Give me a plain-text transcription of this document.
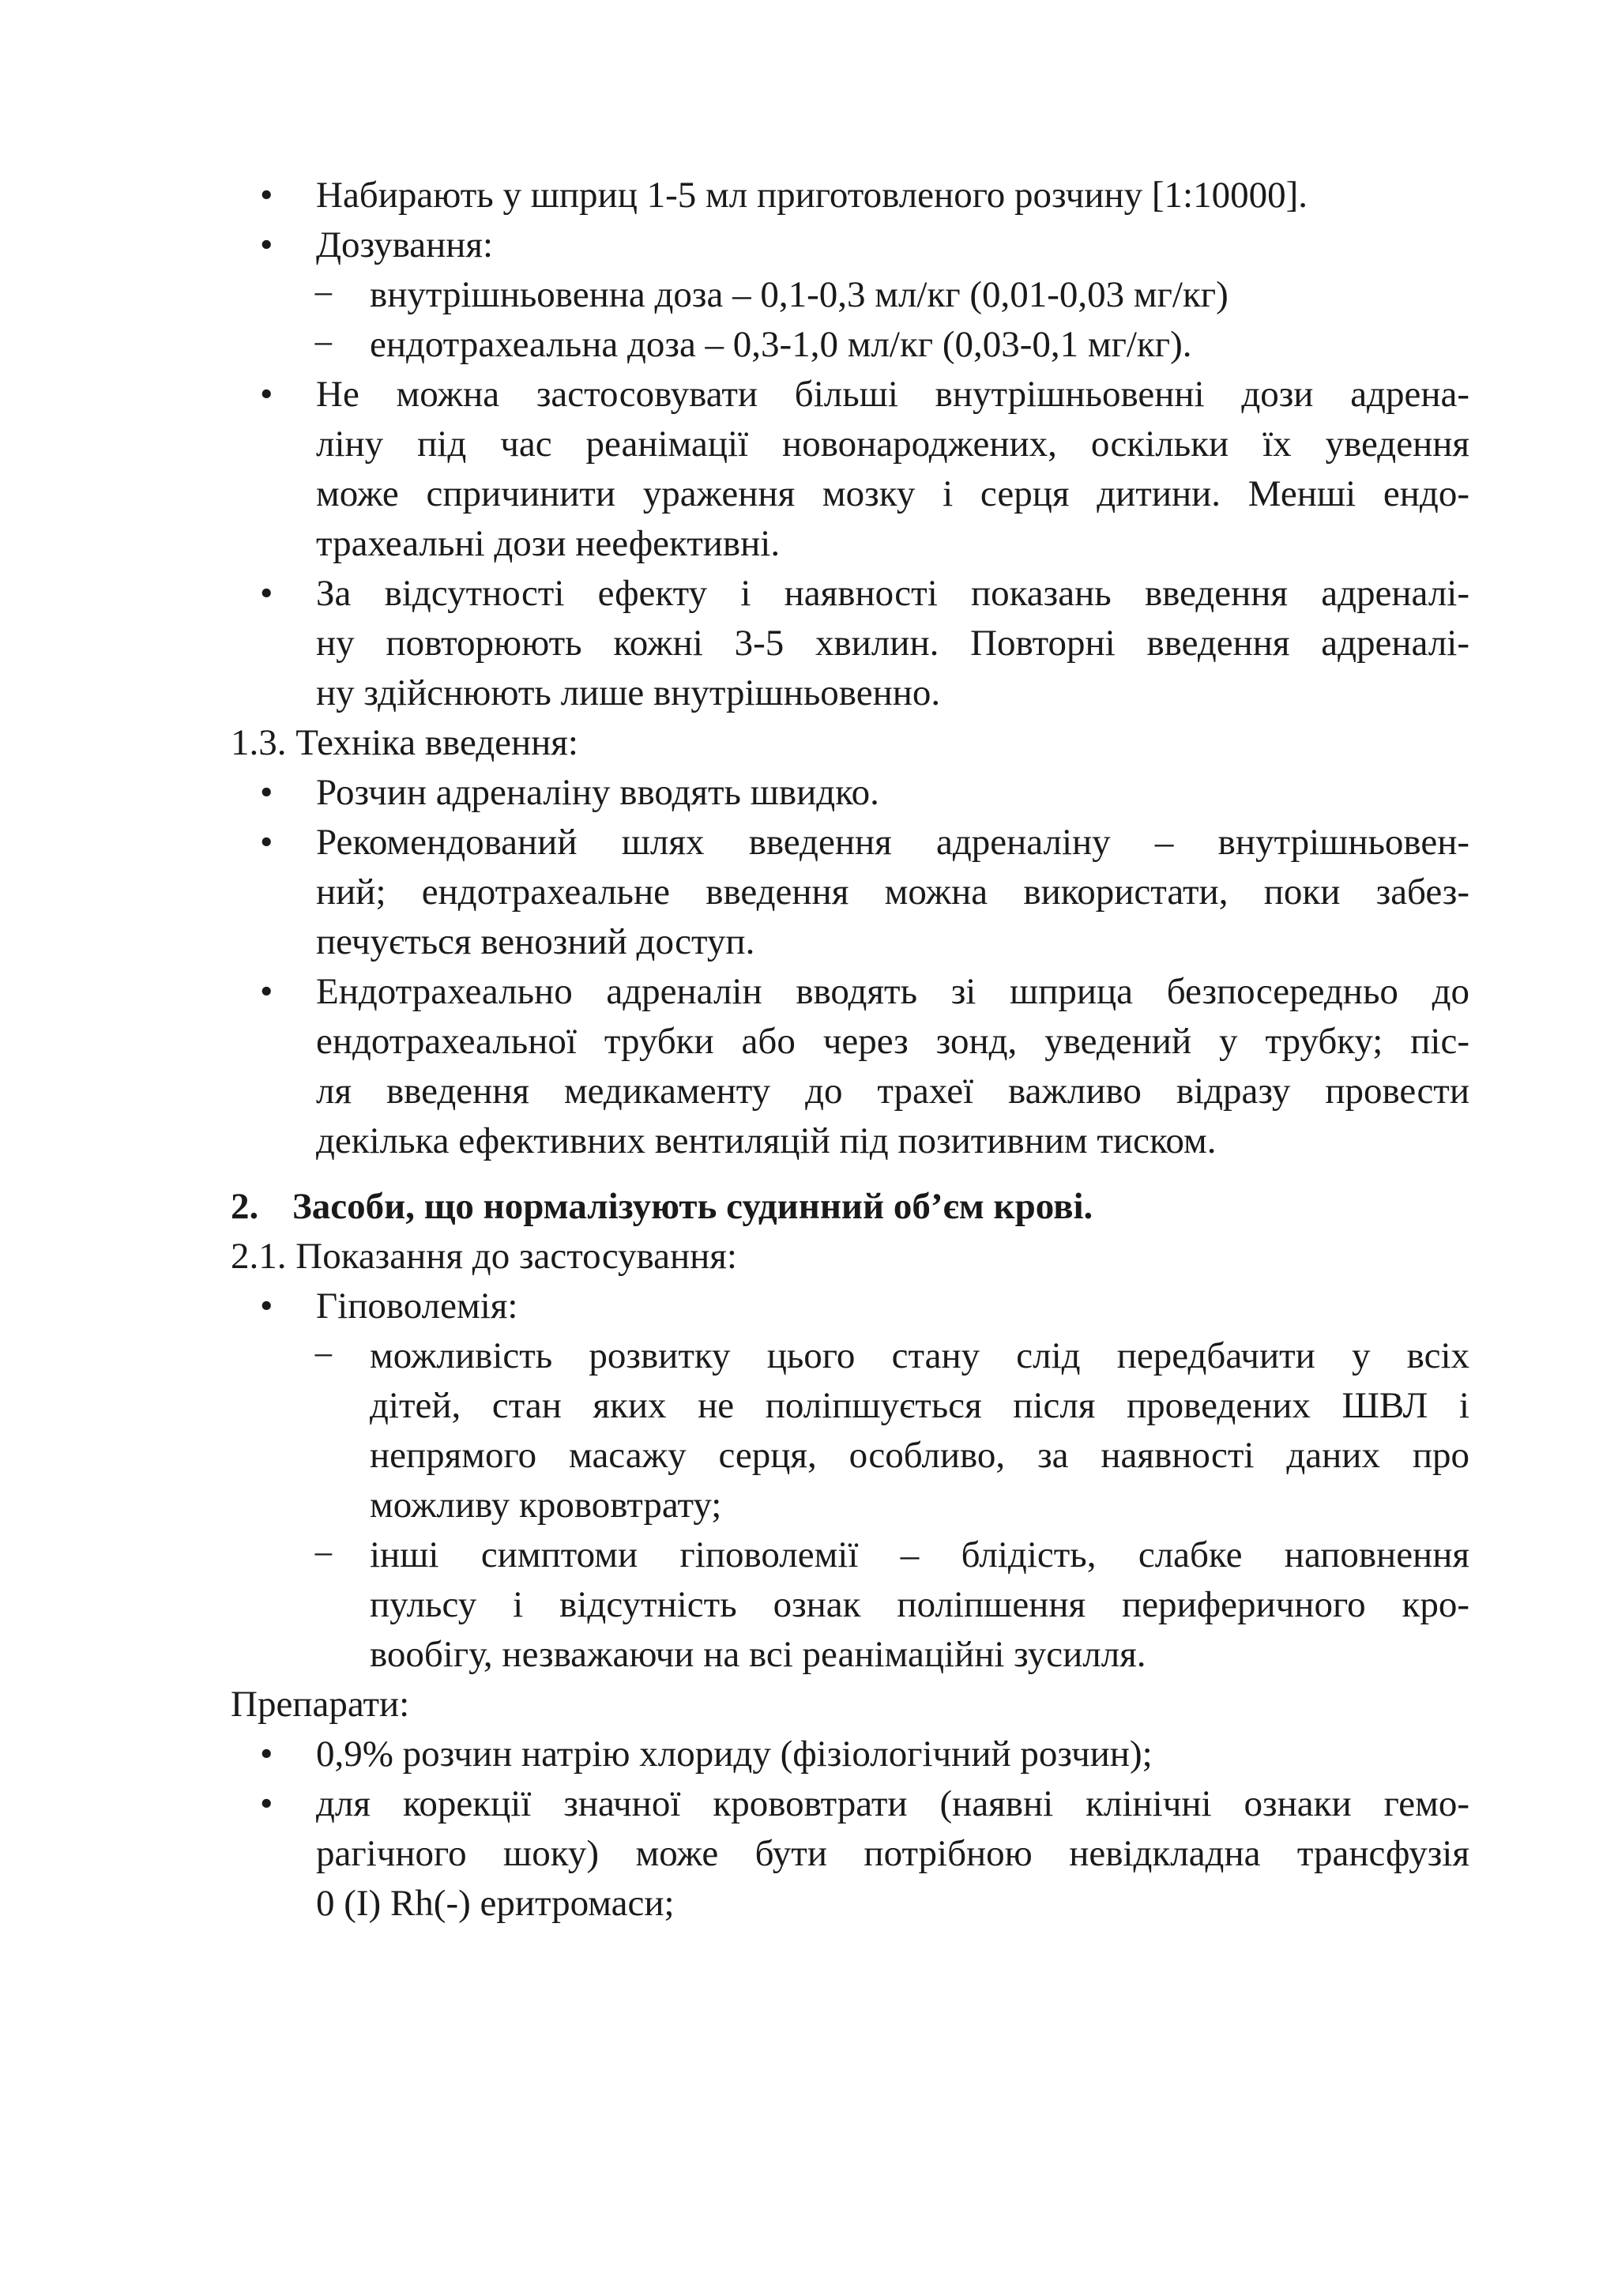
• Набирають у шприц 1-5 мл приготовленого розчину [1:10000].

• Дозування:

− внутрішньовенна доза – 0,1-0,3 мл/кг (0,01-0,03 мг/кг)

− ендотрахеальна доза – 0,3-1,0 мл/кг (0,03-0,1 мг/кг).

• Не можна застосовувати більші внутрішньовенні дози адрена-
ліну під час реанімації новонароджених, оскільки їх уведення
може спричинити ураження мозку і серця дитини. Менші ендо-
трахеальні дози неефективні.

• За відсутності ефекту і наявності показань введення адреналі-
ну повторюють кожні 3-5 хвилин. Повторні введення адреналі-
ну здійснюють лише внутрішньовенно.

1.3. Техніка введення:

• Розчин адреналіну вводять швидко.

• Рекомендований шлях введення адреналіну – внутрішньовен-
ний; ендотрахеальне введення можна використати, поки забез-
печується венозний доступ.

• Ендотрахеально адреналін вводять зі шприца безпосередньо до
ендотрахеальної трубки або через зонд, уведений у трубку; піс-
ля введення медикаменту до трахеї важливо відразу провести
декілька ефективних вентиляцій під позитивним тиском.

2. Засоби, що нормалізують судинний об’єм крові.

2.1. Показання до застосування:

• Гіповолемія:

− можливість розвитку цього стану слід передбачити у всіх
дітей, стан яких не поліпшується після проведених ШВЛ і
непрямого масажу серця, особливо, за наявності даних про
можливу крововтрату;

− інші симптоми гіповолемії – блідість, слабке наповнення
пульсу і відсутність ознак поліпшення периферичного кро-
вообігу, незважаючи на всі реанімаційні зусилля.

Препарати:

• 0,9% розчин натрію хлориду (фізіологічний розчин);

• для корекції значної крововтрати (наявні клінічні ознаки гемо-
рагічного шоку) може бути потрібною невідкладна трансфузія
0 (I) Rh(-) еритромаси;
